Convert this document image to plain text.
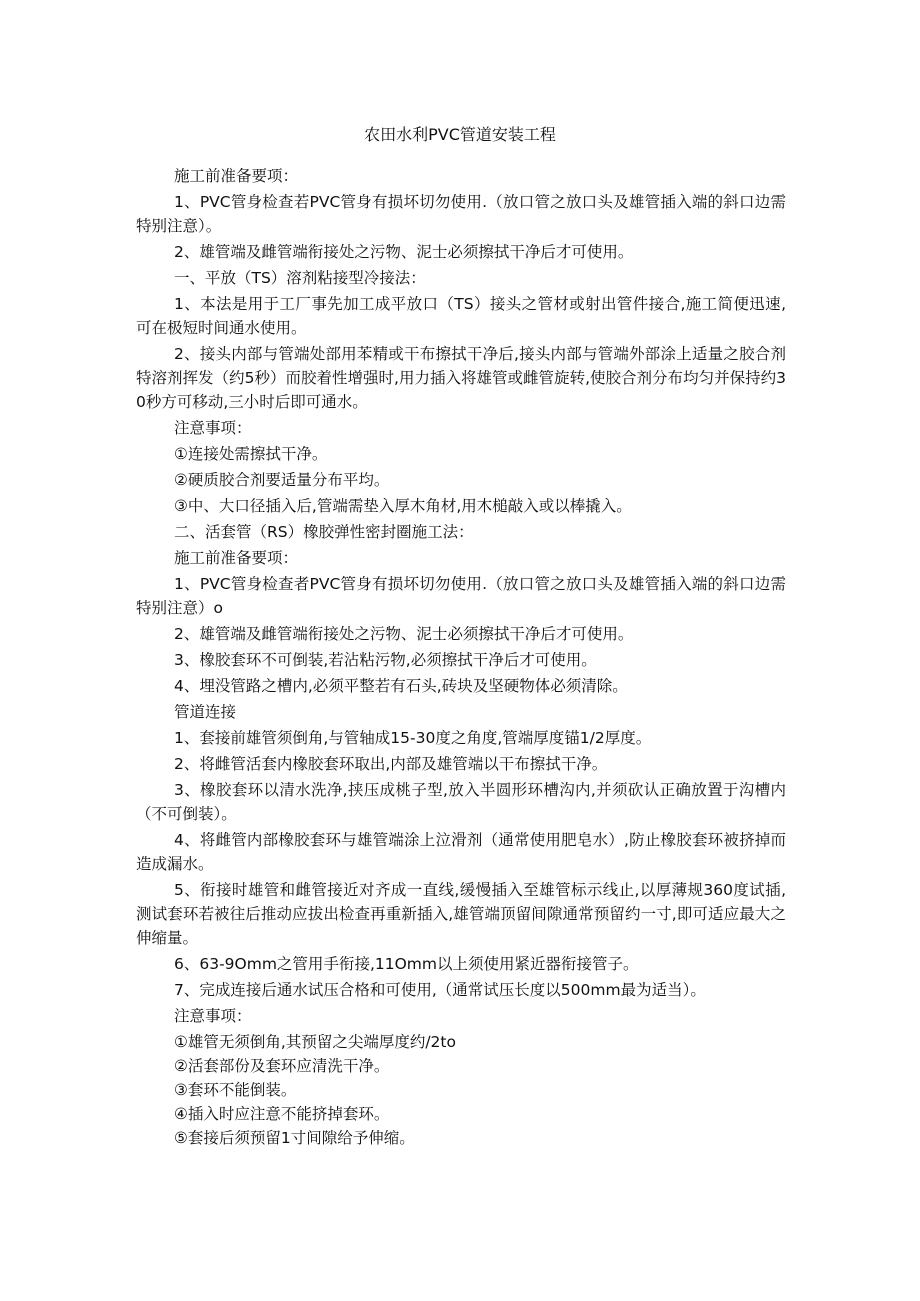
农田水利PVC管道安装工程

施工前准备要项：

1、PVC管身检查若PVC管身有损坏切勿使用.（放口管之放口头及雄管插入端的斜口边需特别注意）。

2、雄管端及雌管端衔接处之污物、泥士必须擦拭干净后才可使用。

一、平放（TS）溶剂粘接型冷接法：

1、本法是用于工厂事先加工成平放口（TS）接头之管材或射出管件接合,施工简便迅速,可在极短时间通水使用。

2、接头内部与管端处部用苯精或干布擦拭干净后,接头内部与管端外部涂上适量之胶合剂特溶剂挥发（约5秒）而胶着性增强时,用力插入将雄管或雌管旋转,使胶合剂分布均匀并保持约30秒方可移动,三小时后即可通水。

注意事项：

①连接处需擦拭干净。

②硬质胶合剂要适量分布平均。

③中、大口径插入后,管端需垫入厚木角材,用木槌敲入或以棒撬入。

二、活套管（RS）橡胶弹性密封圈施工法：

施工前准备要项：

1、PVC管身检查者PVC管身有损坏切勿使用.（放口管之放口头及雄管插入端的斜口边需特别注意）o

2、雄管端及雌管端衔接处之污物、泥士必须擦拭干净后才可使用。

3、橡胶套环不可倒装,若沾粘污物,必须擦拭干净后才可使用。

4、埋没管路之槽内,必须平整若有石头,砖块及坚硬物体必须清除。

管道连接

1、套接前雄管须倒角,与管轴成15-30度之角度,管端厚度锚1/2厚度。

2、将雌管活套内橡胶套环取出,内部及雄管端以干布擦拭干净。

3、橡胶套环以清水洗净,挟压成桃子型,放入半圆形环槽沟内,并须砍认正确放置于沟槽内（不可倒装）。

4、将雌管内部橡胶套环与雄管端涂上泣滑剂（通常使用肥皂水）,防止橡胶套环被挤掉而造成漏水。

5、衔接时雄管和雌管接近对齐成一直线,缓慢插入至雄管标示线止,以厚薄规360度试插,测试套环若被往后推动应拔出检查再重新插入,雄管端顶留间隙通常预留约一寸,即可适应最大之伸缩量。

6、63-9Omm之管用手衔接,11Omm以上须使用紧近器衔接管子。

7、完成连接后通水试压合格和可使用,（通常试压长度以500mm最为适当）。

注意事项：

①雄管无须倒角,其预留之尖端厚度约∕2tο

②活套部份及套环应清洗干净。

③套环不能倒装。

④插入时应注意不能挤掉套环。

⑤套接后须预留1寸间隙给予伸缩。
